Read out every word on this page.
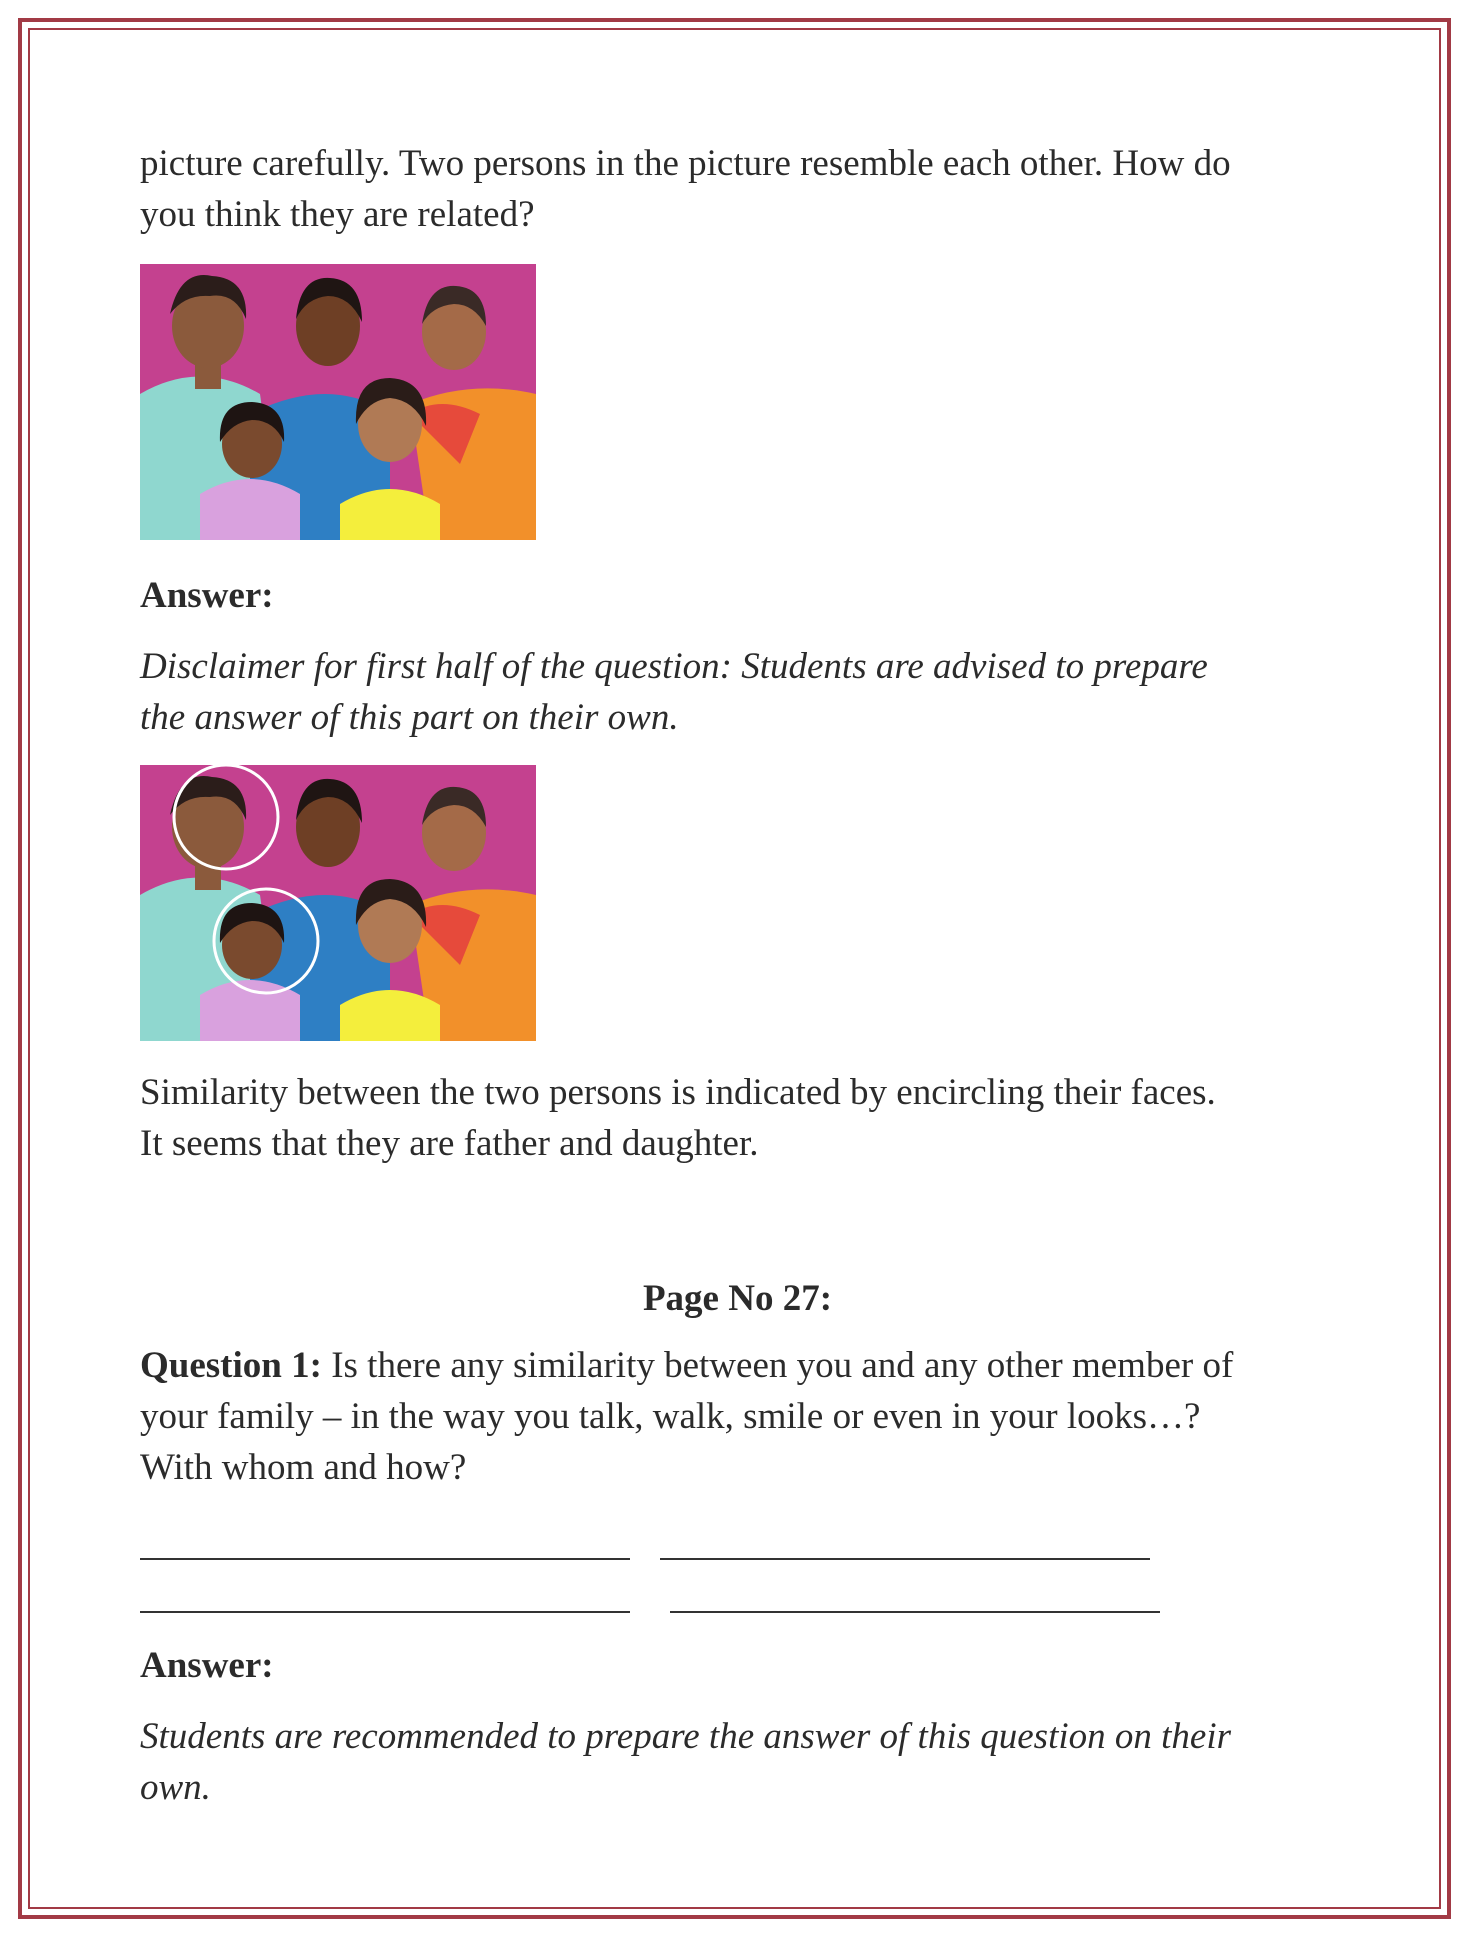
picture carefully. Two persons in the picture resemble each other. How do

you think they are related?

Answer:

Disclaimer for first half of the question: Students are advised to prepare

the answer of this part on their own.

Similarity between the two persons is indicated by encircling their faces.

It seems that they are father and daughter.

Page No 27:

Question 1: Is there any similarity between you and any other member of

your family – in the way you talk, walk, smile or even in your looks…?

With whom and how?

Answer:

Students are recommended to prepare the answer of this question on their

own.
